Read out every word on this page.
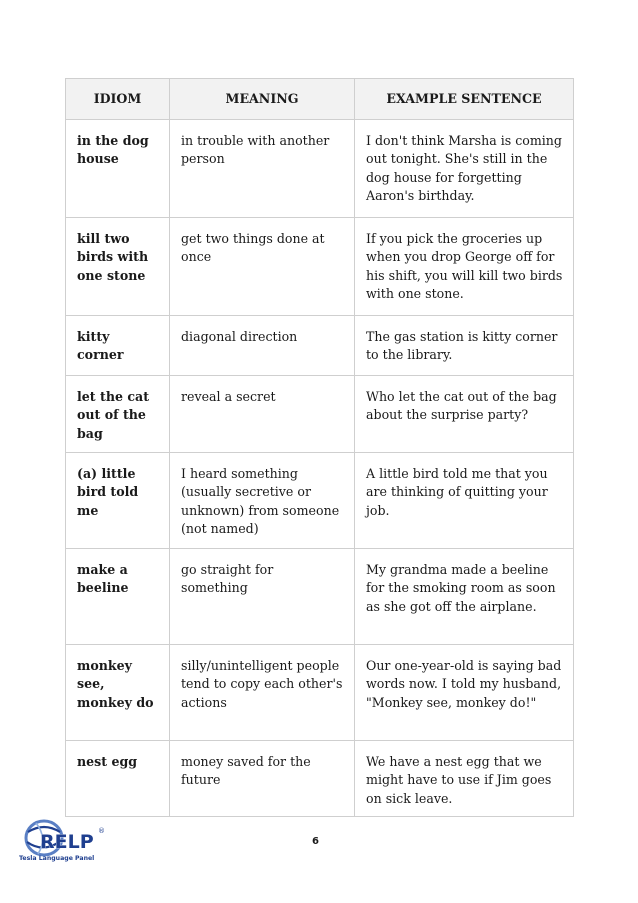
IDIOM	MEANING	EXAMPLE SENTENCE
in the dog house	in trouble with another person	I don't think Marsha is coming out tonight. She's still in the dog house for forgetting Aaron's birthday.
kill two birds with one stone	get two things done at once	If you pick the groceries up when you drop George off for his shift, you will kill two birds with one stone.
kitty corner	diagonal direction	The gas station is kitty corner to the library.
let the cat out of the bag	reveal a secret	Who let the cat out of the bag about the surprise party?
(a) little bird told me	I heard something (usually secretive or unknown) from someone (not named)	A little bird told me that you are thinking of quitting your job.
make a beeline	go straight for something	My grandma made a beeline for the smoking room as soon as she got off the airplane.
monkey see, monkey do	silly/unintelligent people tend to copy each other's actions	Our one-year-old is saying bad words now. I told my husband, "Monkey see, monkey do!"
nest egg	money saved for the future	We have a nest egg that we might have to use if Jim goes on sick leave.
RELP ®
Tesla Language Panel
6
